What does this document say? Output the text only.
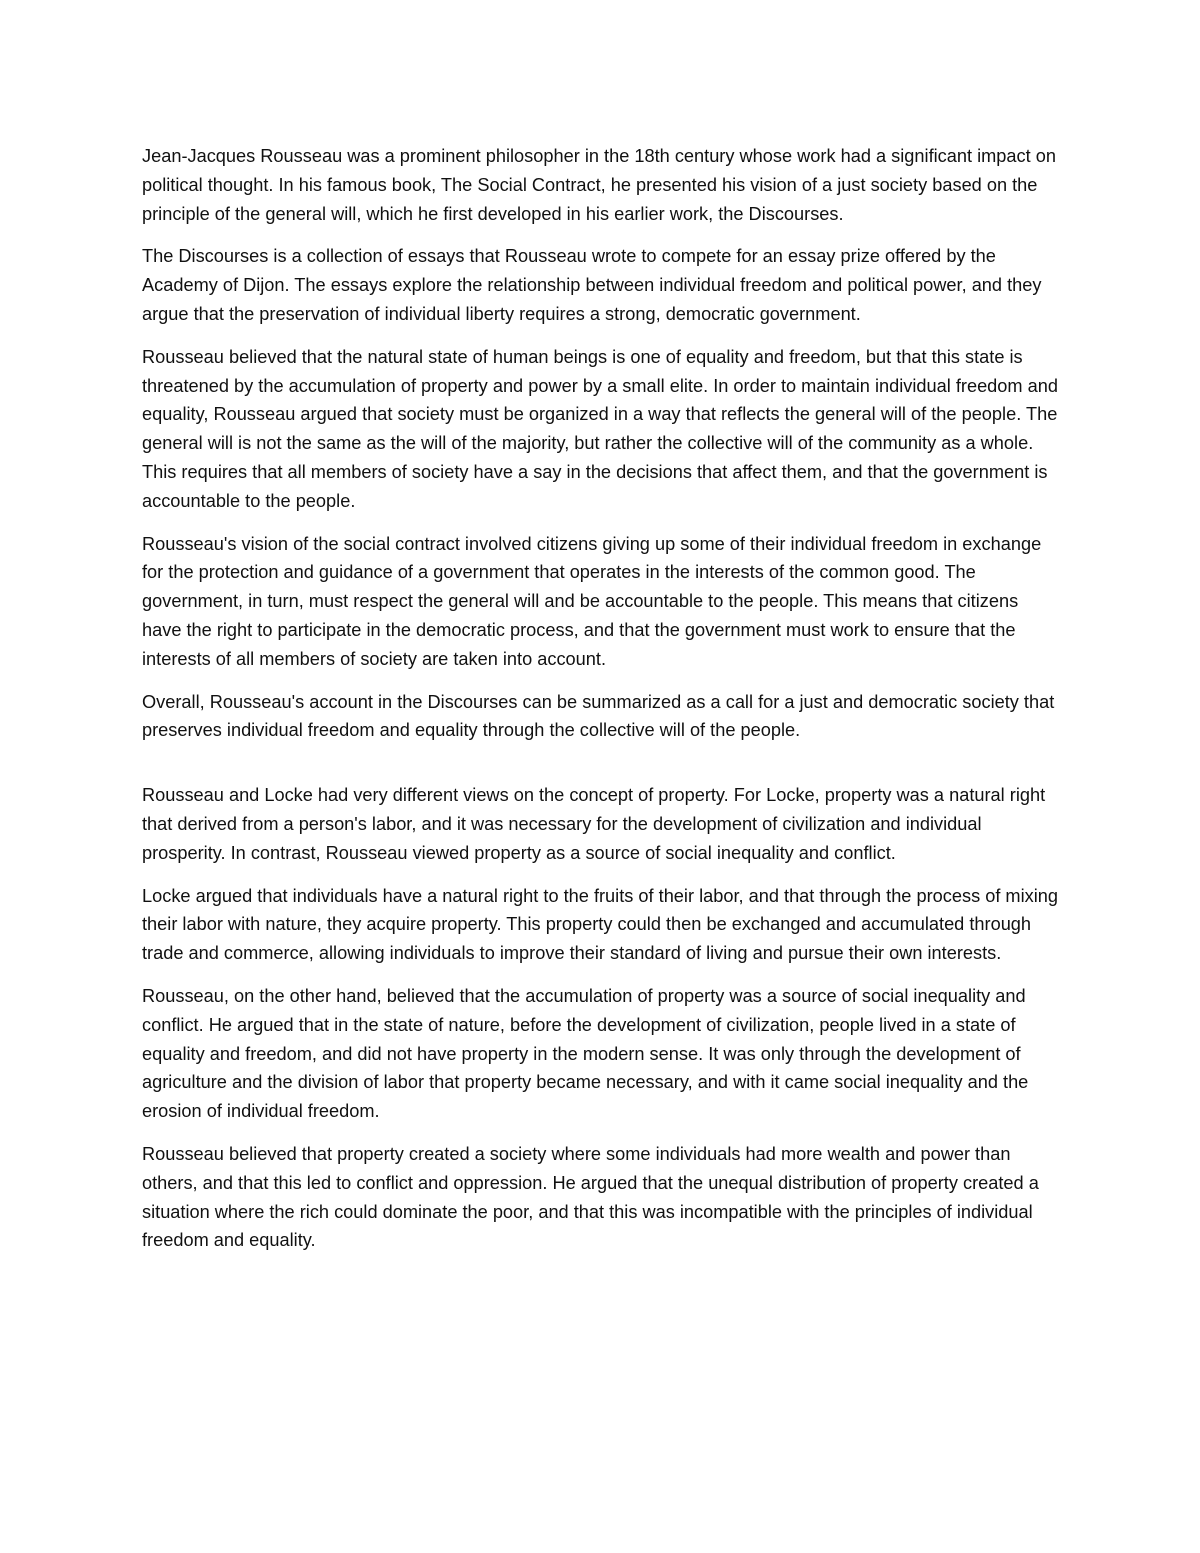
Jean-Jacques Rousseau was a prominent philosopher in the 18th century whose work had a significant impact on political thought. In his famous book, The Social Contract, he presented his vision of a just society based on the principle of the general will, which he first developed in his earlier work, the Discourses.

The Discourses is a collection of essays that Rousseau wrote to compete for an essay prize offered by the Academy of Dijon. The essays explore the relationship between individual freedom and political power, and they argue that the preservation of individual liberty requires a strong, democratic government.

Rousseau believed that the natural state of human beings is one of equality and freedom, but that this state is threatened by the accumulation of property and power by a small elite. In order to maintain individual freedom and equality, Rousseau argued that society must be organized in a way that reflects the general will of the people. The general will is not the same as the will of the majority, but rather the collective will of the community as a whole. This requires that all members of society have a say in the decisions that affect them, and that the government is accountable to the people.

Rousseau's vision of the social contract involved citizens giving up some of their individual freedom in exchange for the protection and guidance of a government that operates in the interests of the common good. The government, in turn, must respect the general will and be accountable to the people. This means that citizens have the right to participate in the democratic process, and that the government must work to ensure that the interests of all members of society are taken into account.

Overall, Rousseau's account in the Discourses can be summarized as a call for a just and democratic society that preserves individual freedom and equality through the collective will of the people.

Rousseau and Locke had very different views on the concept of property. For Locke, property was a natural right that derived from a person's labor, and it was necessary for the development of civilization and individual prosperity. In contrast, Rousseau viewed property as a source of social inequality and conflict.

Locke argued that individuals have a natural right to the fruits of their labor, and that through the process of mixing their labor with nature, they acquire property. This property could then be exchanged and accumulated through trade and commerce, allowing individuals to improve their standard of living and pursue their own interests.

Rousseau, on the other hand, believed that the accumulation of property was a source of social inequality and conflict. He argued that in the state of nature, before the development of civilization, people lived in a state of equality and freedom, and did not have property in the modern sense. It was only through the development of agriculture and the division of labor that property became necessary, and with it came social inequality and the erosion of individual freedom.

Rousseau believed that property created a society where some individuals had more wealth and power than others, and that this led to conflict and oppression. He argued that the unequal distribution of property created a situation where the rich could dominate the poor, and that this was incompatible with the principles of individual freedom and equality.
